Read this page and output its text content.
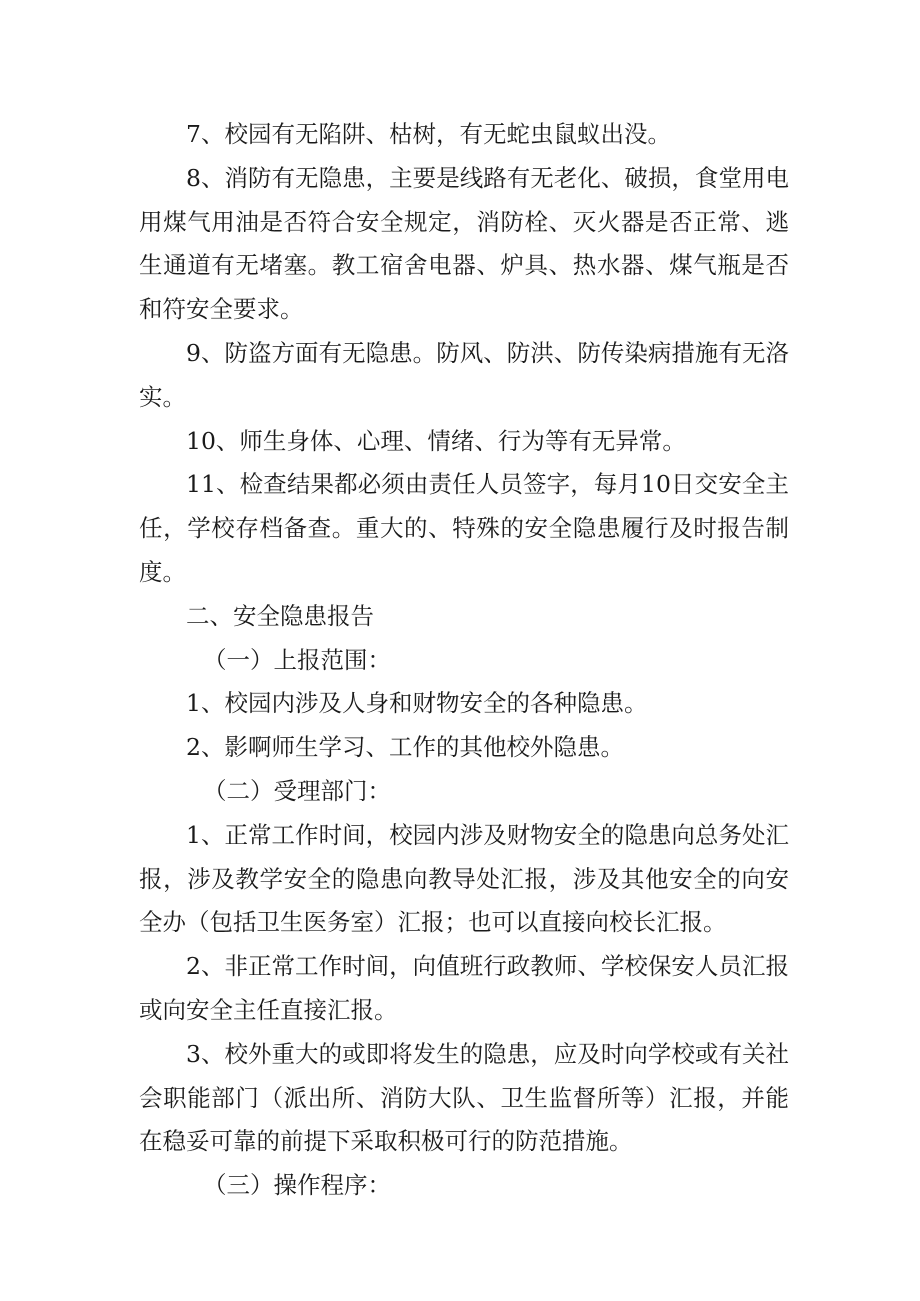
7、校园有无陷阱、枯树，有无蛇虫鼠蚁出没。

8、消防有无隐患，主要是线路有无老化、破损，食堂用电用煤气用油是否符合安全规定，消防栓、灭火器是否正常、逃生通道有无堵塞。教工宿舍电器、炉具、热水器、煤气瓶是否和符安全要求。

9、防盗方面有无隐患。防风、防洪、防传染病措施有无洛实。

10、师生身体、心理、情绪、行为等有无异常。

11、检查结果都必须由责任人员签字，每月10日交安全主任，学校存档备查。重大的、特殊的安全隐患履行及时报告制度。

二、安全隐患报告

（一）上报范围：

1、校园内涉及人身和财物安全的各种隐患。

2、影啊师生学习、工作的其他校外隐患。

（二）受理部门：

1、正常工作时间，校园内涉及财物安全的隐患向总务处汇报，涉及教学安全的隐患向教导处汇报，涉及其他安全的向安全办（包括卫生医务室）汇报；也可以直接向校长汇报。

2、非正常工作时间，向值班行政教师、学校保安人员汇报或向安全主任直接汇报。

3、校外重大的或即将发生的隐患，应及时向学校或有关社会职能部门（派出所、消防大队、卫生监督所等）汇报，并能在稳妥可靠的前提下采取积极可行的防范措施。

（三）操作程序：
